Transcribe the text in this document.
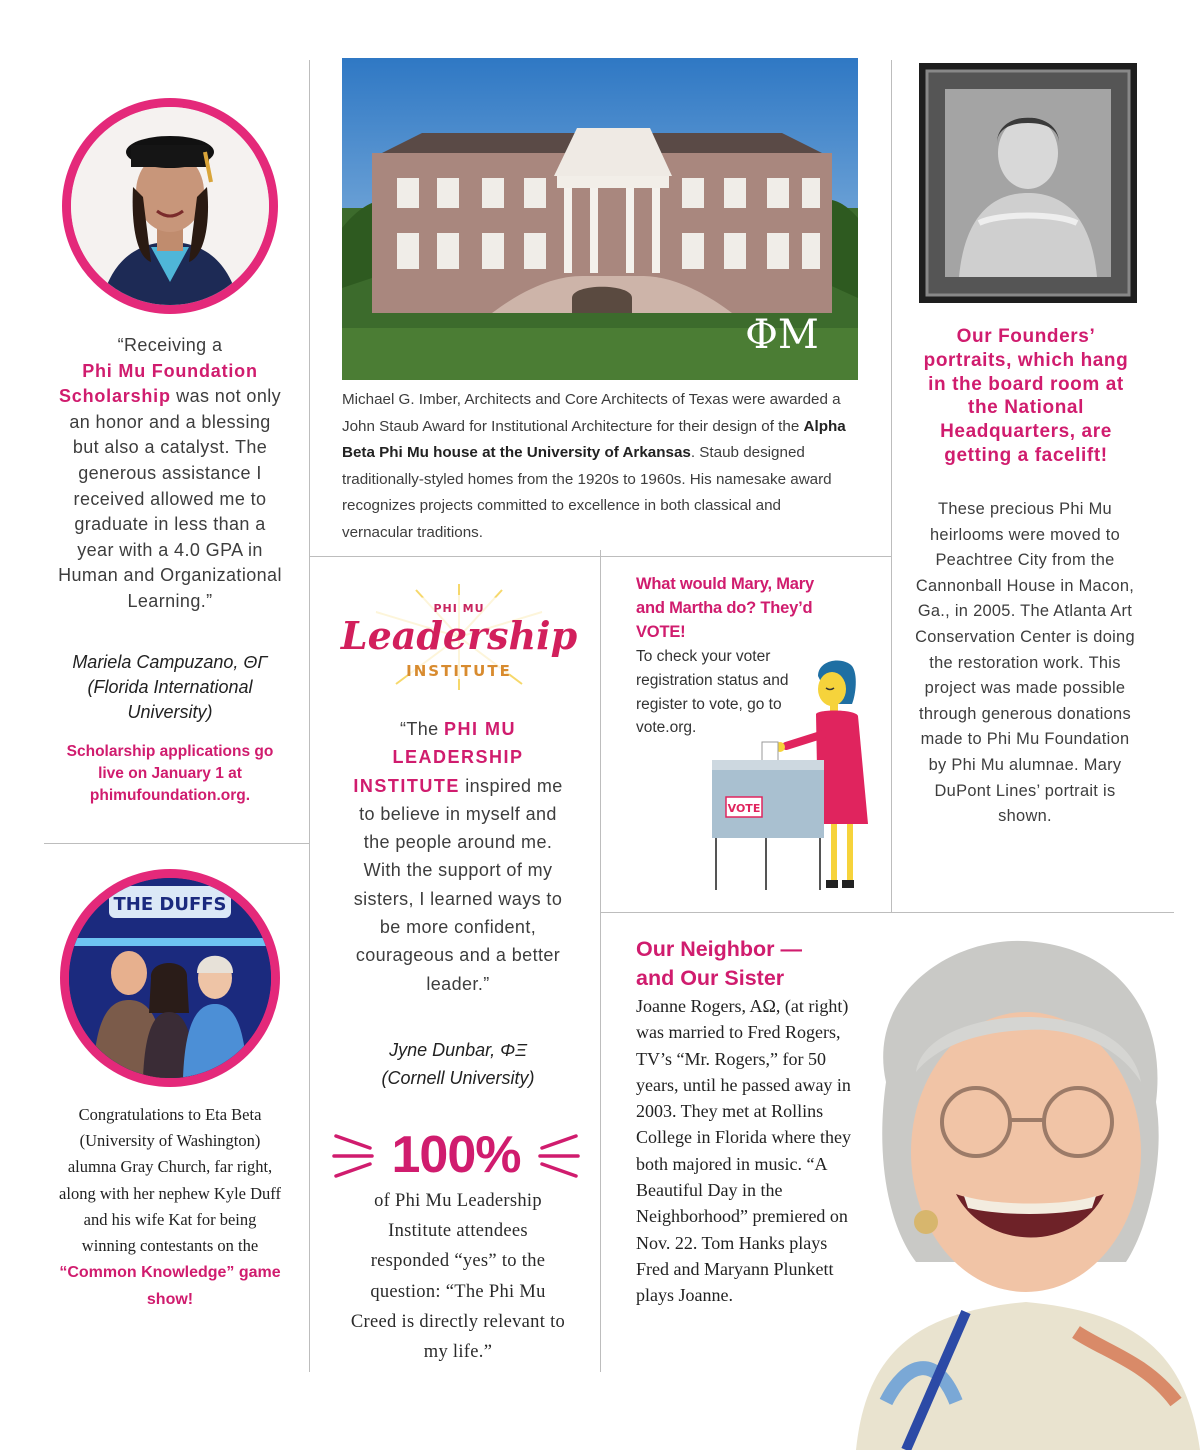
“Receiving a
Phi Mu Foundation Scholarship was not only an honor and a blessing but also a catalyst. The generous assistance I received allowed me to graduate in less than a year with a 4.0 GPA in Human and Organizational Learning.”
Mariela Campuzano, ΘΓ
(Florida International University)
Scholarship applications go live on January 1 at phimufoundation.org.
THE DUFFS
Congratulations to Eta Beta (University of Washington) alumna Gray Church, far right, along with her nephew Kyle Duff and his wife Kat for being winning contestants on the “Common Knowledge” game show!
ΦΜ
Michael G. Imber, Architects and Core Architects of Texas were awarded a John Staub Award for Institutional Architecture for their design of the Alpha Beta Phi Mu house at the University of Arkansas. Staub designed traditionally-styled homes from the 1920s to 1960s. His namesake award recognizes projects committed to excellence in both classical and vernacular traditions.
PHI MU
Leadership
INSTITUTE
“The PHI MU LEADERSHIP INSTITUTE inspired me to believe in myself and the people around me. With the support of my sisters, I learned ways to be more confident, courageous and a better leader.”
Jyne Dunbar, ΦΞ
(Cornell University)
100%
of Phi Mu Leadership Institute attendees responded “yes” to the question: “The Phi Mu Creed is directly relevant to my life.”
What would Mary, Mary and Martha do? They’d VOTE!
To check your voter registration status and register to vote, go to vote.org.
VOTE
Our Founders’ portraits, which hang in the board room at the National Headquarters, are getting a facelift!
These precious Phi Mu heirlooms were moved to Peachtree City from the Cannonball House in Macon, Ga., in 2005. The Atlanta Art Conservation Center is doing the restoration work. This project was made possible through generous donations made to Phi Mu Foundation by Phi Mu alumnae. Mary DuPont Lines’ portrait is shown.
Our Neighbor —
and Our Sister
Joanne Rogers, AΩ, (at right) was married to Fred Rogers, TV’s “Mr. Rogers,” for 50 years, until he passed away in 2003. They met at Rollins College in Florida where they both majored in music. “A Beautiful Day in the Neighborhood” premiered on Nov. 22. Tom Hanks plays Fred and Maryann Plunkett plays Joanne.
